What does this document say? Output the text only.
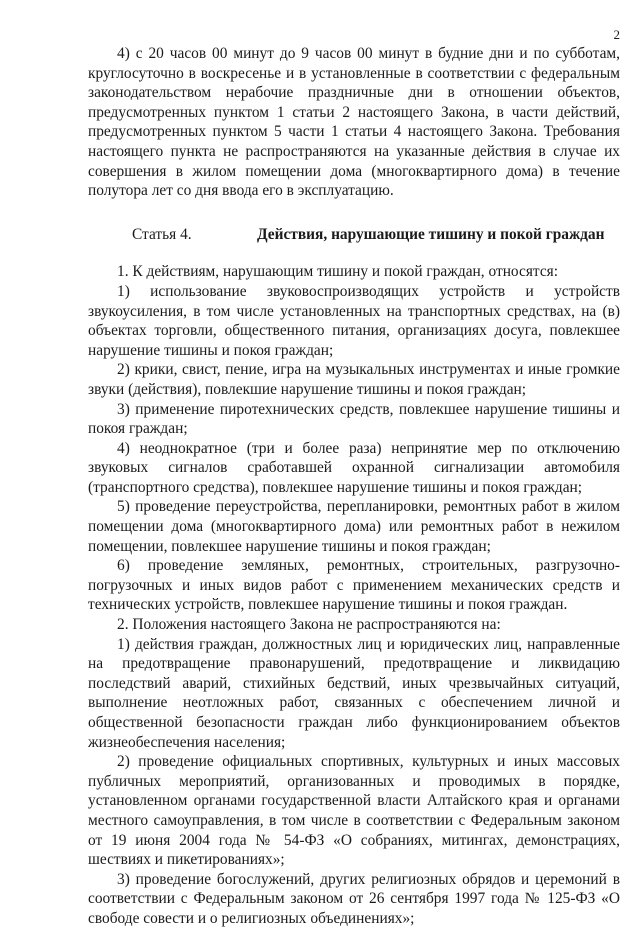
2

4) с 20 часов 00 минут до 9 часов 00 минут в будние дни и по субботам, круглосуточно в воскресенье и в установленные в соответствии с федеральным законодательством нерабочие праздничные дни в отношении объектов, предусмотренных пунктом 1 статьи 2 настоящего Закона, в части действий, предусмотренных пунктом 5 части 1 статьи 4 настоящего Закона. Требования настоящего пункта не распространяются на указанные действия в случае их совершения в жилом помещении дома (многоквартирного дома) в течение полутора лет со дня ввода его в эксплуатацию.

Статья 4.	Действия, нарушающие тишину и покой граждан

1. К действиям, нарушающим тишину и покой граждан, относятся:

1) использование звуковоспроизводящих устройств и устройств звукоусиления, в том числе установленных на транспортных средствах, на (в) объектах торговли, общественного питания, организациях досуга, повлекшее нарушение тишины и покоя граждан;

2) крики, свист, пение, игра на музыкальных инструментах и иные громкие звуки (действия), повлекшие нарушение тишины и покоя граждан;

3) применение пиротехнических средств, повлекшее нарушение тишины и покоя граждан;

4) неоднократное (три и более раза) непринятие мер по отключению звуковых сигналов сработавшей охранной сигнализации автомобиля (транспортного средства), повлекшее нарушение тишины и покоя граждан;

5) проведение переустройства, перепланировки, ремонтных работ в жилом помещении дома (многоквартирного дома) или ремонтных работ в нежилом помещении, повлекшее нарушение тишины и покоя граждан;

6) проведение земляных, ремонтных, строительных, разгрузочно-погрузочных и иных видов работ с применением механических средств и технических устройств, повлекшее нарушение тишины и покоя граждан.

2. Положения настоящего Закона не распространяются на:

1) действия граждан, должностных лиц и юридических лиц, направленные на предотвращение правонарушений, предотвращение и ликвидацию последствий аварий, стихийных бедствий, иных чрезвычайных ситуаций, выполнение неотложных работ, связанных с обеспечением личной и общественной безопасности граждан либо функционированием объектов жизнеобеспечения населения;

2) проведение официальных спортивных, культурных и иных массовых публичных мероприятий, организованных и проводимых в порядке, установленном органами государственной власти Алтайского края и органами местного самоуправления, в том числе в соответствии с Федеральным законом от 19 июня 2004 года № 54-ФЗ «О собраниях, митингах, демонстрациях, шествиях и пикетированиях»;

3) проведение богослужений, других религиозных обрядов и церемоний в соответствии с Федеральным законом от 26 сентября 1997 года № 125-ФЗ «О свободе совести и о религиозных объединениях»;
